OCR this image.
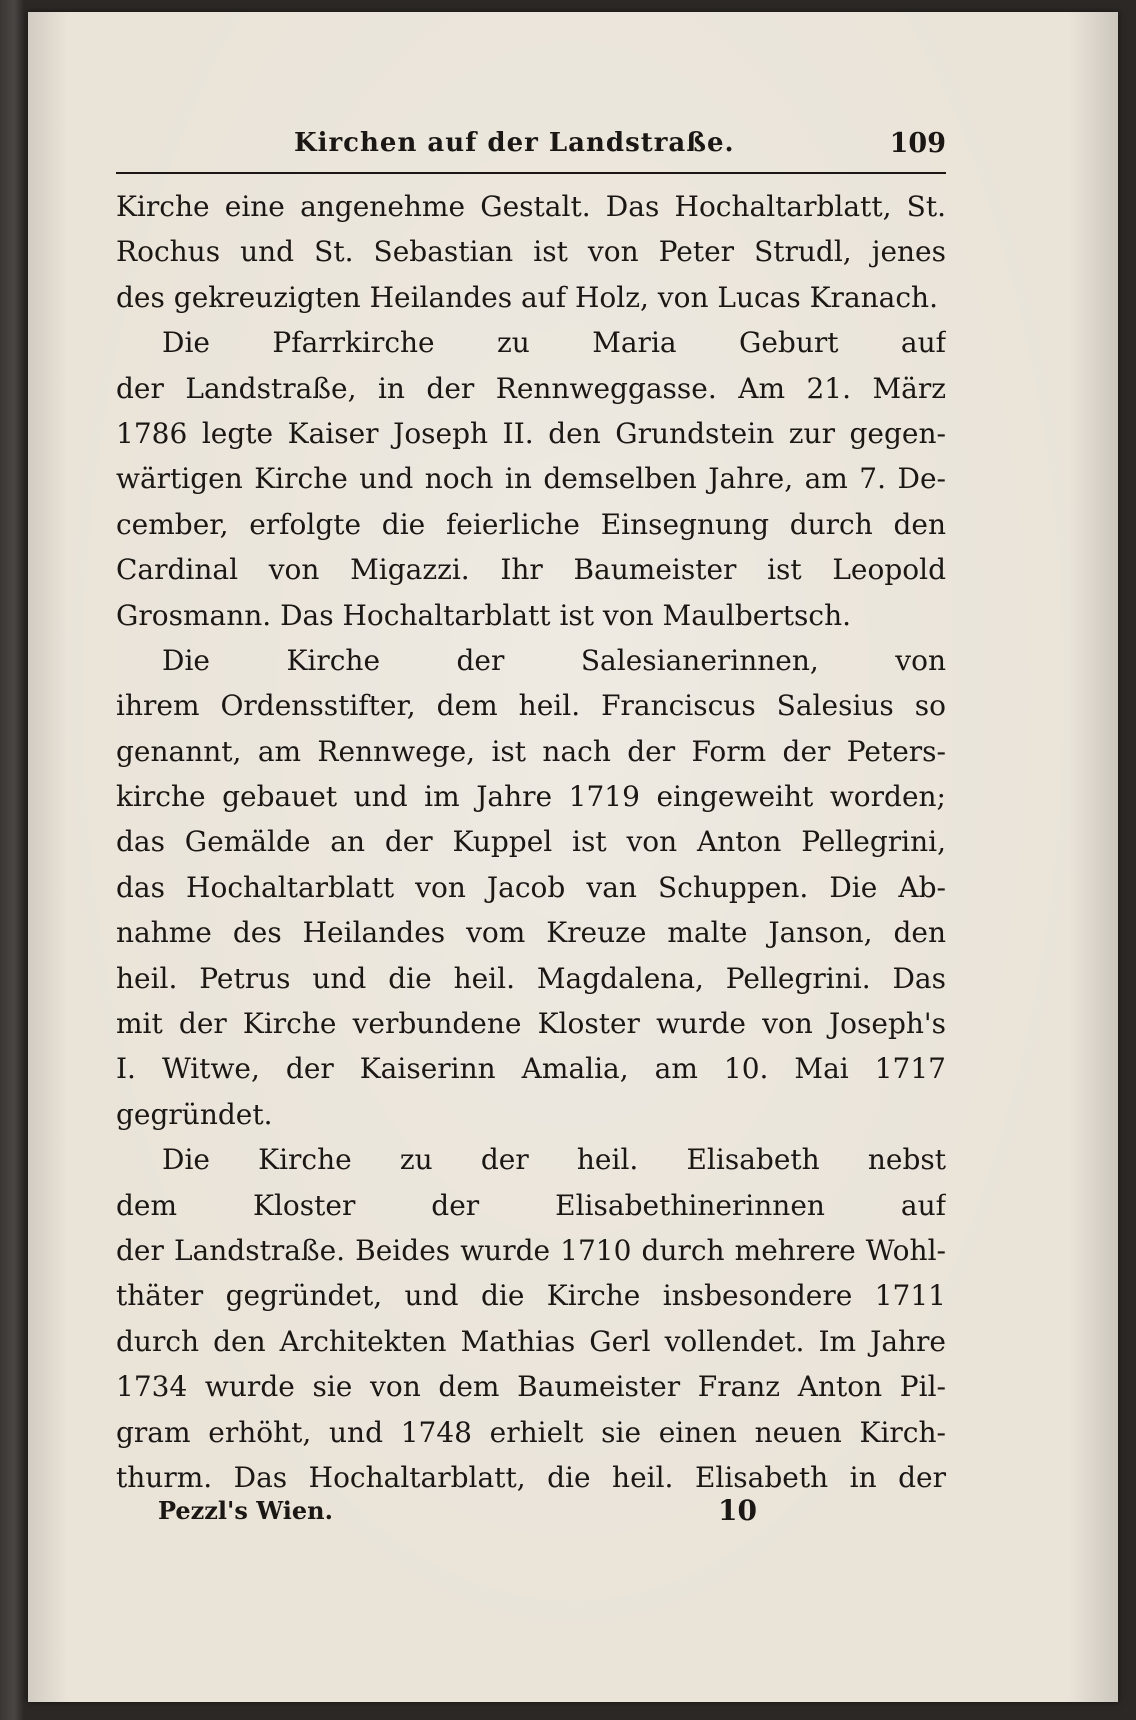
Kirchen auf der Landstraße.	109
Kirche eine angenehme Gestalt. Das Hochaltarblatt, St.
Rochus und St. Sebastian ist von Peter Strudl, jenes
des gekreuzigten Heilandes auf Holz, von Lucas Kranach.
Die Pfarrkirche zu Maria Geburt auf
der Landstraße, in der Rennweggasse. Am 21. März
1786 legte Kaiser Joseph II. den Grundstein zur gegen-
wärtigen Kirche und noch in demselben Jahre, am 7. De-
cember, erfolgte die feierliche Einsegnung durch den
Cardinal von Migazzi. Ihr Baumeister ist Leopold
Grosmann. Das Hochaltarblatt ist von Maulbertsch.
Die Kirche der Salesianerinnen, von
ihrem Ordensstifter, dem heil. Franciscus Salesius so
genannt, am Rennwege, ist nach der Form der Peters-
kirche gebauet und im Jahre 1719 eingeweiht worden;
das Gemälde an der Kuppel ist von Anton Pellegrini,
das Hochaltarblatt von Jacob van Schuppen. Die Ab-
nahme des Heilandes vom Kreuze malte Janson, den
heil. Petrus und die heil. Magdalena, Pellegrini. Das
mit der Kirche verbundene Kloster wurde von Joseph's
I. Witwe, der Kaiserinn Amalia, am 10. Mai 1717
gegründet.
Die Kirche zu der heil. Elisabeth nebst
dem Kloster der Elisabethinerinnen auf
der Landstraße. Beides wurde 1710 durch mehrere Wohl-
thäter gegründet, und die Kirche insbesondere 1711
durch den Architekten Mathias Gerl vollendet. Im Jahre
1734 wurde sie von dem Baumeister Franz Anton Pil-
gram erhöht, und 1748 erhielt sie einen neuen Kirch-
thurm. Das Hochaltarblatt, die heil. Elisabeth in der
Pezzl's Wien.	10
